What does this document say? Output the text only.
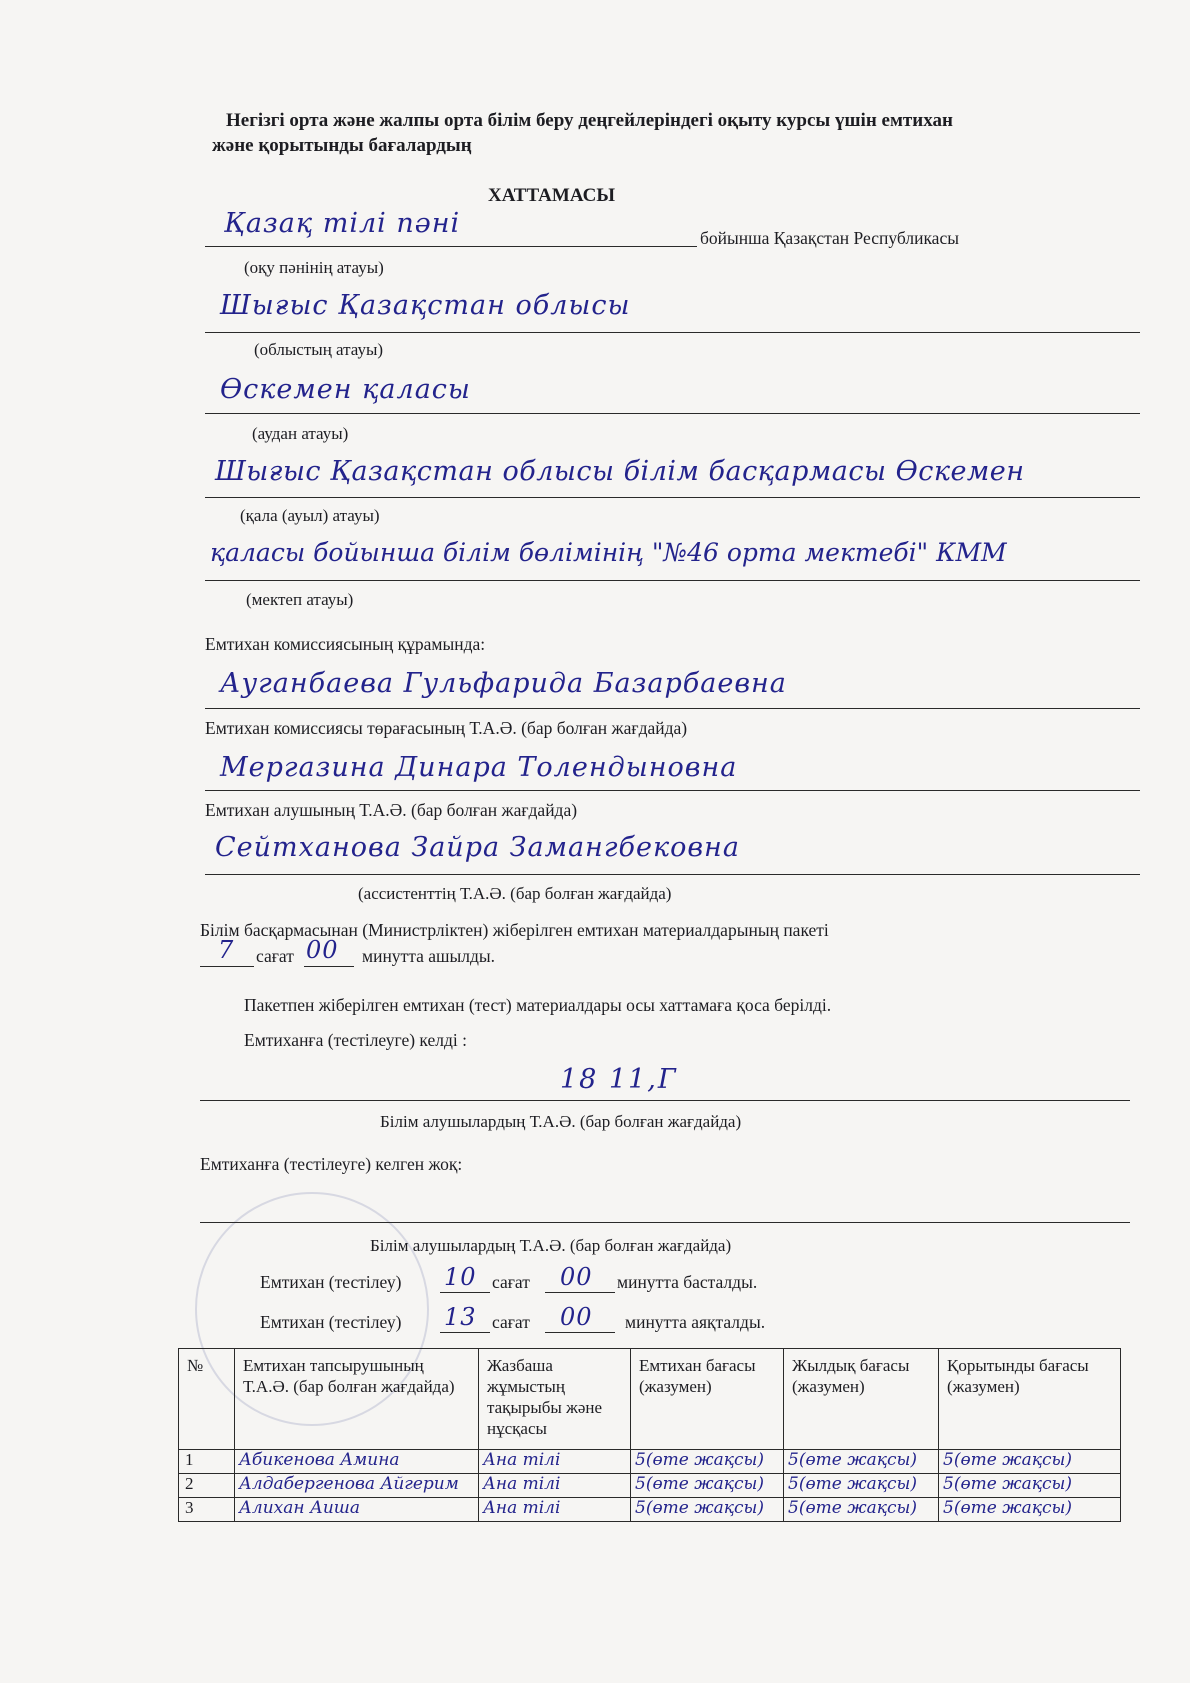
Негізгі орта және жалпы орта білім беру деңгейлеріндегі оқыту курсы үшін емтихан
және қорытынды бағалардың
ХАТТАМАСЫ
Қазақ тілі пәні	бойынша Қазақстан Республикасы
(оқу пәнінің атауы)
Шығыс Қазақстан облысы
(облыстың атауы)
Өскемен қаласы
(аудан атауы)
Шығыс Қазақстан облысы білім басқармасы Өскемен
(қала (ауыл) атауы)
қаласы бойынша білім бөлімінің "№46 орта мектебі" КММ
(мектеп атауы)
Емтихан комиссиясының құрамында:
Ауганбаева Гульфарида Базарбаевна
Емтихан комиссиясы төрағасының Т.А.Ә. (бар болған жағдайда)
Мергазина Динара Толендыновна
Емтихан алушының Т.А.Ә. (бар болған жағдайда)
Сейтханова Зайра Замангбековна
(ассистенттің Т.А.Ә. (бар болған жағдайда)
Білім басқармасынан (Министрліктен) жіберілген емтихан материалдарының пакеті
7 сағат 00 минутта ашылды.
Пакетпен жіберілген емтихан (тест) материалдары осы хаттамаға қоса берілді.
Емтиханға (тестілеуге) келді :
18 11,Г
Білім алушылардың Т.А.Ә. (бар болған жағдайда)
Емтиханға (тестілеуге) келген жоқ:
Білім алушылардың Т.А.Ә. (бар болған жағдайда)
Емтихан (тестілеу) 10 сағат 00 минутта басталды.
Емтихан (тестілеу) 13 сағат 00 минутта аяқталды.
№	Емтихан тапсырушының Т.А.Ә. (бар болған жағдайда)	Жазбаша жұмыстың тақырыбы және нұсқасы	Емтихан бағасы (жазумен)	Жылдық бағасы (жазумен)	Қорытынды бағасы (жазумен)
1	Абикенова Амина	Ана тілі	5(өте жақсы)	5(өте жақсы)	5(өте жақсы)
2	Алдабергенова Айгерим	Ана тілі	5(өте жақсы)	5(өте жақсы)	5(өте жақсы)
3	Алихан Аиша	Ана тілі	5(өте жақсы)	5(өте жақсы)	5(өте жақсы)
